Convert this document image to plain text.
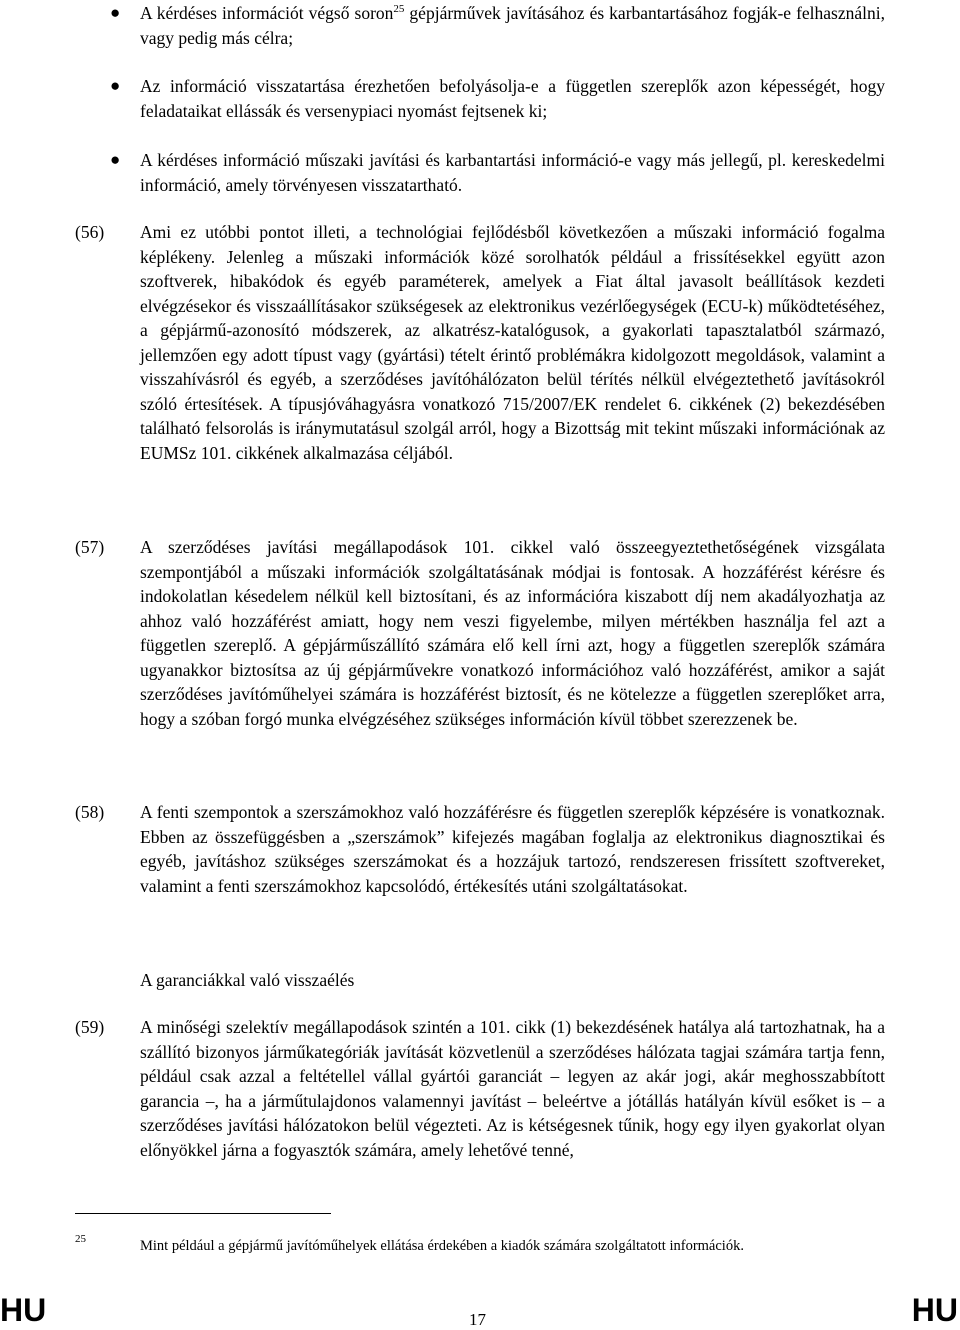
● A kérdéses információt végső soron$^{25}$ gépjárművek javításához és karbantartásához fogják-e felhasználni, vagy pedig más célra;
● Az információ visszatartása érezhetően befolyásolja-e a független szereplők azon képességét, hogy feladataikat ellássák és versenypiaci nyomást fejtsenek ki;
● A kérdéses információ műszaki javítási és karbantartási információ-e vagy más jellegű, pl. kereskedelmi információ, amely törvényesen visszatartható.
(56) Ami ez utóbbi pontot illeti, a technológiai fejlődésből következően a műszaki információ fogalma képlékeny. Jelenleg a műszaki információk közé sorolhatók például a frissítésekkel együtt azon szoftverek, hibakódok és egyéb paraméterek, amelyek a Fiat által javasolt beállítások kezdeti elvégzésekor és visszaállításakor szükségesek az elektronikus vezérlőegységek (ECU-k) működtetéséhez, a gépjármű-azonosító módszerek, az alkatrész-katalógusok, a gyakorlati tapasztalatból származó, jellemzően egy adott típust vagy (gyártási) tételt érintő problémákra kidolgozott megoldások, valamint a visszahívásról és egyéb, a szerződéses javítóhálózaton belül térítés nélkül elvégeztethető javításokról szóló értesítések. A típusjóváhagyásra vonatkozó 715/2007/EK rendelet 6. cikkének (2) bekezdésében található felsorolás is iránymutatásul szolgál arról, hogy a Bizottság mit tekint műszaki információnak az EUMSz 101. cikkének alkalmazása céljából.
(57) A szerződéses javítási megállapodások 101. cikkel való összeegyeztethetőségének vizsgálata szempontjából a műszaki információk szolgáltatásának módjai is fontosak. A hozzáférést kérésre és indokolatlan késedelem nélkül kell biztosítani, és az információra kiszabott díj nem akadályozhatja az ahhoz való hozzáférést amiatt, hogy nem veszi figyelembe, milyen mértékben használja fel azt a független szereplő. A gépjárműszállító számára elő kell írni azt, hogy a független szereplők számára ugyanakkor biztosítsa az új gépjárművekre vonatkozó információhoz való hozzáférést, amikor a saját szerződéses javítóműhelyei számára is hozzáférést biztosít, és ne kötelezze a független szereplőket arra, hogy a szóban forgó munka elvégzéséhez szükséges információn kívül többet szerezzenek be.
(58) A fenti szempontok a szerszámokhoz való hozzáférésre és független szereplők képzésére is vonatkoznak. Ebben az összefüggésben a „szerszámok” kifejezés magában foglalja az elektronikus diagnosztikai és egyéb, javításhoz szükséges szerszámokat és a hozzájuk tartozó, rendszeresen frissített szoftvereket, valamint a fenti szerszámokhoz kapcsolódó, értékesítés utáni szolgáltatásokat.
A garanciákkal való visszaélés
(59) A minőségi szelektív megállapodások szintén a 101. cikk (1) bekezdésének hatálya alá tartozhatnak, ha a szállító bizonyos járműkategóriák javítását közvetlenül a szerződéses hálózata tagjai számára tartja fenn, például csak azzal a feltétellel vállal gyártói garanciát – legyen az akár jogi, akár meghosszabbított garancia –, ha a járműtulajdonos valamennyi javítást – beleértve a jótállás hatályán kívül esőket is – a szerződéses javítási hálózatokon belül végezteti. Az is kétségesnek tűnik, hogy egy ilyen gyakorlat olyan előnyökkel járna a fogyasztók számára, amely lehetővé tenné,
25	Mint például a gépjármű javítóműhelyek ellátása érdekében a kiadók számára szolgáltatott információk.
HU	17	HU
